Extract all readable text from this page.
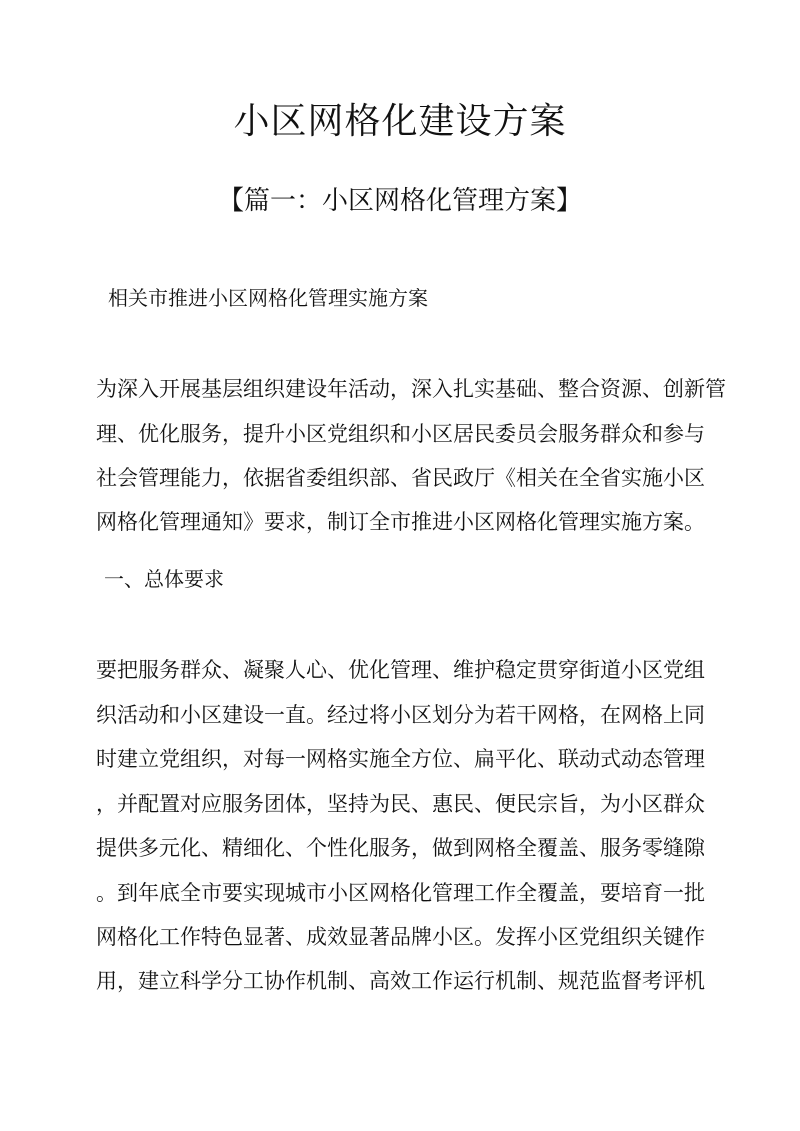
小区网格化建设方案
【篇一：小区网格化管理方案】
相关市推进小区网格化管理实施方案
为深入开展基层组织建设年活动，深入扎实基础、整合资源、创新管
理、优化服务，提升小区党组织和小区居民委员会服务群众和参与
社会管理能力，依据省委组织部、省民政厅《相关在全省实施小区
网格化管理通知》要求，制订全市推进小区网格化管理实施方案。
一、总体要求
要把服务群众、凝聚人心、优化管理、维护稳定贯穿街道小区党组
织活动和小区建设一直。经过将小区划分为若干网格，在网格上同
时建立党组织，对每一网格实施全方位、扁平化、联动式动态管理
，并配置对应服务团体，坚持为民、惠民、便民宗旨，为小区群众
提供多元化、精细化、个性化服务，做到网格全覆盖、服务零缝隙
。到年底全市要实现城市小区网格化管理工作全覆盖，要培育一批
网格化工作特色显著、成效显著品牌小区。发挥小区党组织关键作
用，建立科学分工协作机制、高效工作运行机制、规范监督考评机
